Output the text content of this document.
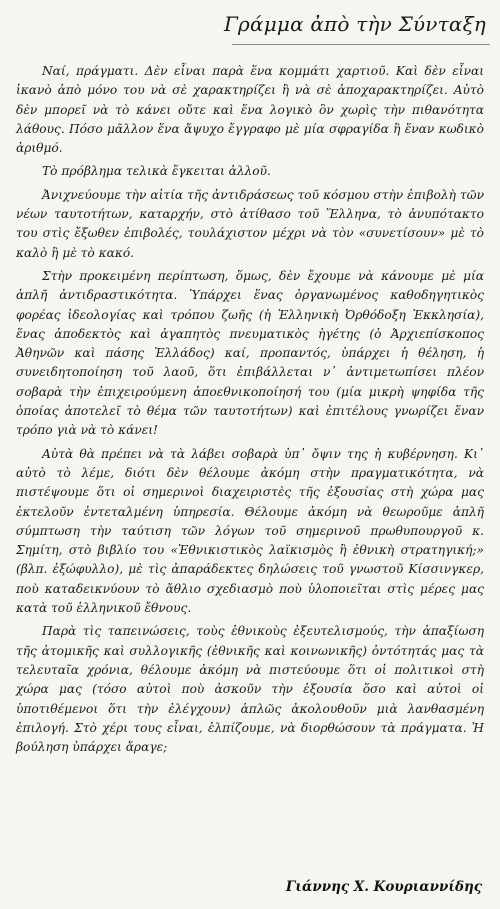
Γράμμα ἀπὸ τὴν Σύνταξη

Ναί, πράγματι. Δὲν εἶναι παρὰ ἕνα κομμάτι χαρτιοῦ. Καὶ δὲν εἶναι ἱκανὸ ἀπὸ μόνο του νὰ σὲ χαρακτηρίζει ἢ νὰ σὲ ἀποχαρακτηρίζει. Αὐτὸ δὲν μπορεῖ νὰ τὸ κάνει οὔτε καὶ ἕνα λογικὸ ὂν χωρὶς τὴν πιθανότητα λάθους. Πόσο μᾶλλον ἕνα ἄψυχο ἔγγραφο μὲ μία σφραγίδα ἢ ἕναν κωδικὸ ἀριθμό.

Τὸ πρόβλημα τελικὰ ἔγκειται ἀλλοῦ.

Ἀνιχνεύουμε τὴν αἰτία τῆς ἀντιδράσεως τοῦ κόσμου στὴν ἐπιβολὴ τῶν νέων ταυτοτήτων, καταρχήν, στὸ ἀτίθασο τοῦ Ἕλληνα, τὸ ἀνυπότακτο του στὶς ἔξωθεν ἐπιβολές, τουλάχιστον μέχρι νὰ τὸν «συνετίσουν» μὲ τὸ καλὸ ἢ μὲ τὸ κακό.

Στὴν προκειμένη περίπτωση, ὅμως, δὲν ἔχουμε νὰ κάνουμε μὲ μία ἁπλῆ ἀντιδραστικότητα. Ὑπάρχει ἕνας ὀργανωμένος καθοδηγητικὸς φορέας ἰδεολογίας καὶ τρόπου ζωῆς (ἡ Ἑλληνικὴ Ὀρθόδοξη Ἐκκλησία), ἕνας ἀποδεκτὸς καὶ ἀγαπητὸς πνευματικὸς ἡγέτης (ὁ Ἀρχιεπίσκοπος Ἀθηνῶν καὶ πάσης Ἑλλάδος) καί, προπαντός, ὑπάρχει ἡ θέληση, ἡ συνειδητοποίηση τοῦ λαοῦ, ὅτι ἐπιβάλλεται ν᾽ ἀντιμετωπίσει πλέον σοβαρὰ τὴν ἐπιχειρούμενη ἀποεθνικοποίησή του (μία μικρὴ ψηφίδα τῆς ὁποίας ἀποτελεῖ τὸ θέμα τῶν ταυτοτήτων) καὶ ἐπιτέλους γνωρίζει ἕναν τρόπο γιὰ νὰ τὸ κάνει!

Αὐτὰ θὰ πρέπει νὰ τὰ λάβει σοβαρὰ ὑπ᾽ ὄψιν της ἡ κυβέρνηση. Κι᾽ αὐτὸ τὸ λέμε, διότι δὲν θέλουμε ἀκόμη στὴν πραγματικότητα, νὰ πιστέψουμε ὅτι οἱ σημερινοὶ διαχειριστὲς τῆς ἐξουσίας στὴ χώρα μας ἐκτελοῦν ἐντεταλμένη ὑπηρεσία. Θέλουμε ἀκόμη νὰ θεωροῦμε ἁπλῆ σύμπτωση τὴν ταύτιση τῶν λόγων τοῦ σημερινοῦ πρωθυπουργοῦ κ. Σημίτη, στὸ βιβλίο του «Ἐθνικιστικὸς λαϊκισμὸς ἢ ἐθνικὴ στρατηγική;» (βλπ. ἐξώφυλλο), μὲ τὶς ἀπαράδεκτες δηλώσεις τοῦ γνωστοῦ Κίσσινγκερ, ποὺ καταδεικνύουν τὸ ἄθλιο σχεδιασμὸ ποὺ ὑλοποιεῖται στὶς μέρες μας κατὰ τοῦ ἑλληνικοῦ ἔθνους.

Παρὰ τὶς ταπεινώσεις, τοὺς ἐθνικοὺς ἐξευτελισμούς, τὴν ἀπαξίωση τῆς ἀτομικῆς καὶ συλλογικῆς (ἐθνικῆς καὶ κοινωνικῆς) ὀντότητάς μας τὰ τελευταῖα χρόνια, θέλουμε ἀκόμη νὰ πιστεύουμε ὅτι οἱ πολιτικοὶ στὴ χώρα μας (τόσο αὐτοὶ ποὺ ἀσκοῦν τὴν ἐξουσία ὅσο καὶ αὐτοὶ οἱ ὑποτιθέμενοι ὅτι τὴν ἐλέγχουν) ἁπλῶς ἀκολουθοῦν μιὰ λανθασμένη ἐπιλογή. Στὸ χέρι τους εἶναι, ἐλπίζουμε, νὰ διορθώσουν τὰ πράγματα. Ἡ βούληση ὑπάρχει ἄραγε;

Γιάννης Χ. Κουριαννίδης
